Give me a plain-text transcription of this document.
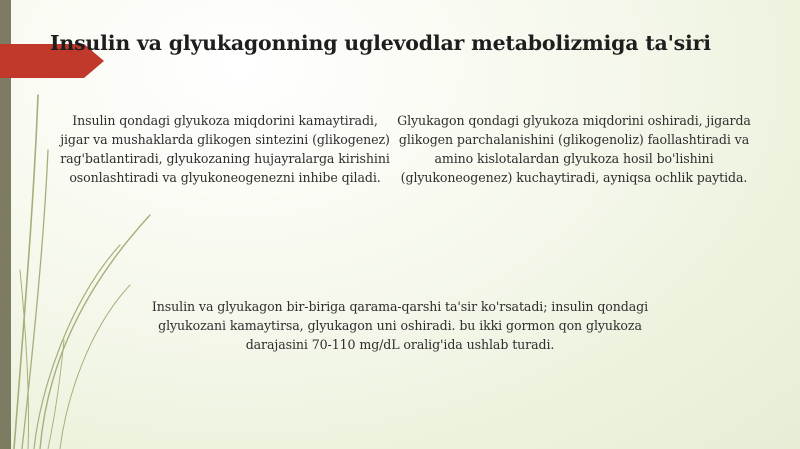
Insulin va glyukagonning uglevodlar metabolizmiga ta'siri

Insulin qondagi glyukoza miqdorini kamaytiradi, jigar va mushaklarda glikogen sintezini (glikogenez) rag'batlantiradi, glyukozaning hujayralarga kirishini osonlashtiradi va glyukoneogenezni inhibe qiladi.

Glyukagon qondagi glyukoza miqdorini oshiradi, jigarda glikogen parchalanishini (glikogenoliz) faollashtiradi va amino kislotalardan glyukoza hosil bo'lishini (glyukoneogenez) kuchaytiradi, ayniqsa ochlik paytida.

Insulin va glyukagon bir-biriga qarama-qarshi ta'sir ko'rsatadi; insulin qondagi glyukozani kamaytirsa, glyukagon uni oshiradi. bu ikki gormon qon glyukoza darajasini 70-110 mg/dL oralig'ida ushlab turadi.
